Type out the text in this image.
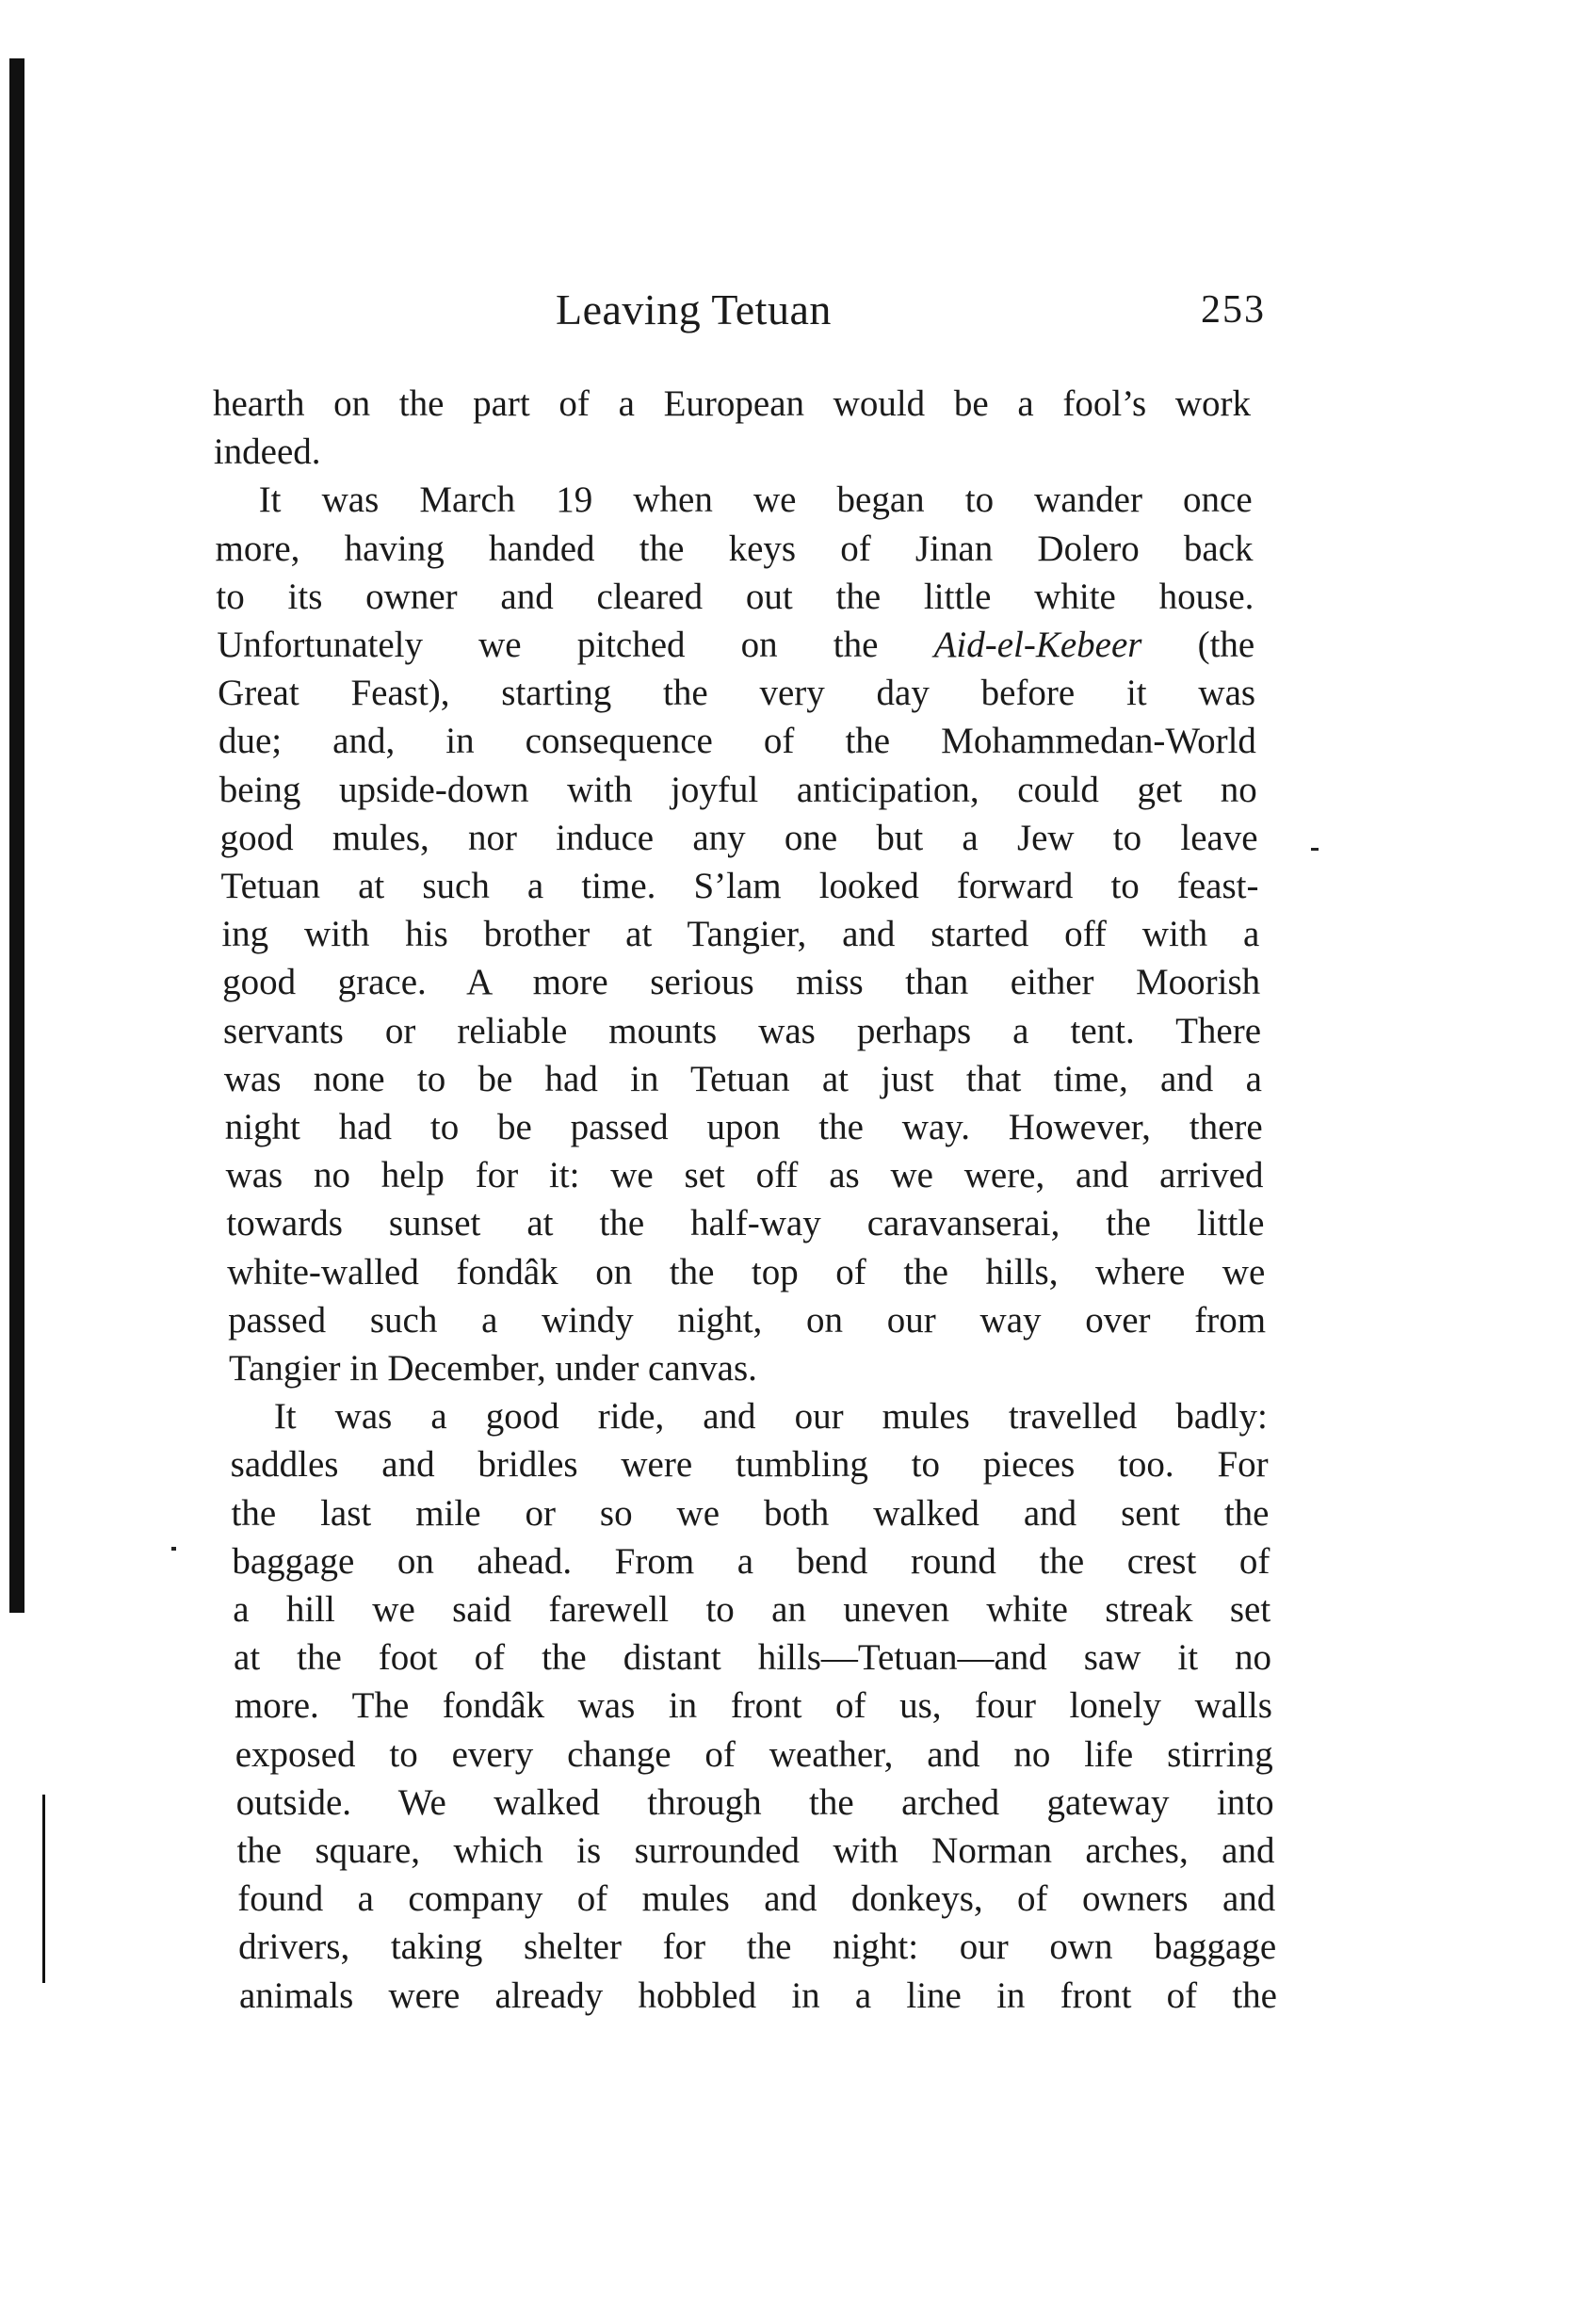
Leaving Tetuan	253
hearth on the part of a European would be a fool’s work
indeed.
It was March 19 when we began to wander once
more, having handed the keys of Jinan Dolero back
to its owner and cleared out the little white house.
Unfortunately we pitched on the Aid-el-Kebeer (the
Great Feast), starting the very day before it was
due; and, in consequence of the Mohammedan-World
being upside-down with joyful anticipation, could get no
good mules, nor induce any one but a Jew to leave
Tetuan at such a time. S’lam looked forward to feast-
ing with his brother at Tangier, and started off with a
good grace. A more serious miss than either Moorish
servants or reliable mounts was perhaps a tent. There
was none to be had in Tetuan at just that time, and a
night had to be passed upon the way. However, there
was no help for it: we set off as we were, and arrived
towards sunset at the half-way caravanserai, the little
white-walled fondâk on the top of the hills, where we
passed such a windy night, on our way over from
Tangier in December, under canvas.
It was a good ride, and our mules travelled badly:
saddles and bridles were tumbling to pieces too. For
the last mile or so we both walked and sent the
baggage on ahead. From a bend round the crest of
a hill we said farewell to an uneven white streak set
at the foot of the distant hills—Tetuan—and saw it no
more. The fondâk was in front of us, four lonely walls
exposed to every change of weather, and no life stirring
outside. We walked through the arched gateway into
the square, which is surrounded with Norman arches, and
found a company of mules and donkeys, of owners and
drivers, taking shelter for the night: our own baggage
animals were already hobbled in a line in front of the
